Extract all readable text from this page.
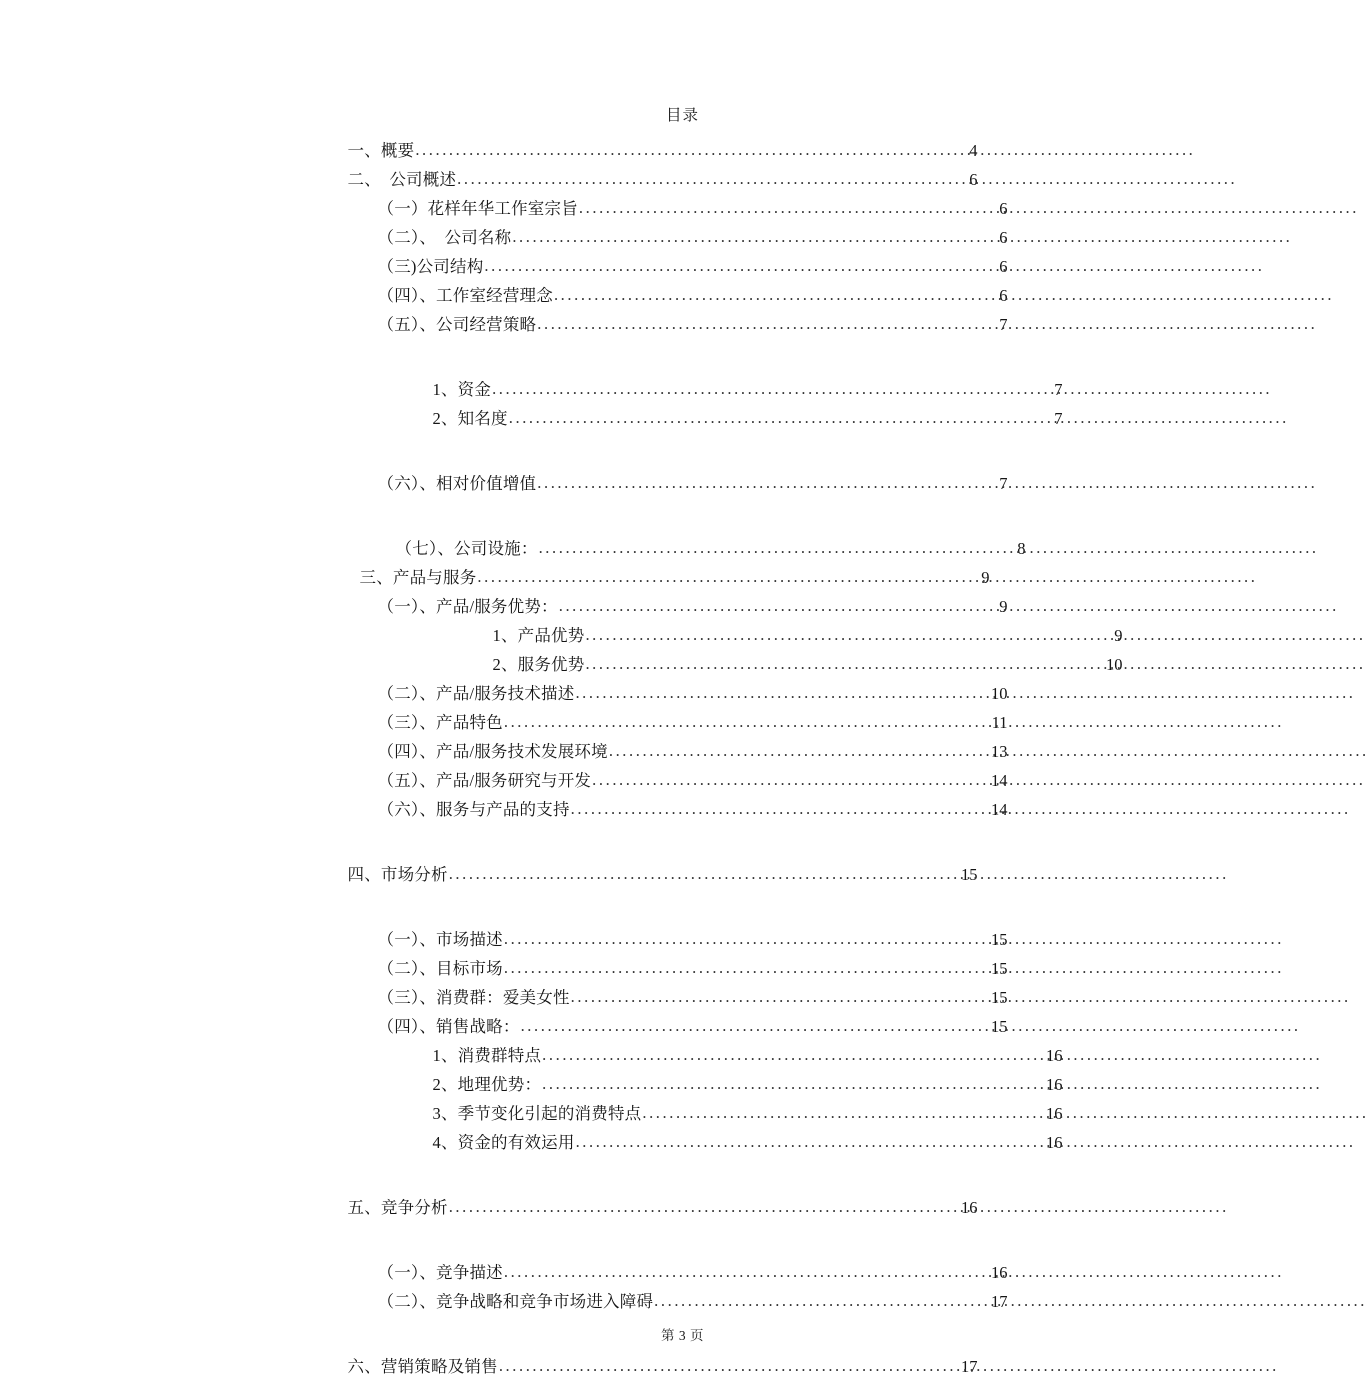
目录
一、概要 .....	4
二、　公司概述 .....	6
（一）花样年华工作室宗旨 .....	6
（二）、　公司名称 .....	6
（三)公司结构 .....	6
（四）、工作室经营理念 .....	6
（五）、公司经营策略 .....	7
1、资金 .....	7
2、知名度 .....	7
（六）、相对价值增值 .....	7
（七）、公司设施： .....	8
三、产品与服务 .....	9
（一）、产品/服务优势： .....	9
1、产品优势 .....	9
2、服务优势 .....	10
（二）、产品/服务技术描述 .....	10
（三）、产品特色 .....	11
（四）、产品/服务技术发展环境 .....	13
（五）、产品/服务研究与开发 .....	14
（六）、服务与产品的支持 .....	14
四、市场分析 .....	15
（一）、市场描述 .....	15
（二）、目标市场 .....	15
（三）、消费群：爱美女性 .....	15
（四）、销售战略： .....	15
1、消费群特点 .....	16
2、地理优势： .....	16
3、季节变化引起的消费特点 .....	16
4、资金的有效运用 .....	16
五、竞争分析 .....	16
（一）、竞争描述 .....	16
（二）、竞争战略和竞争市场进入障碍 .....	17
六、营销策略及销售 .....	17
第 3 页
